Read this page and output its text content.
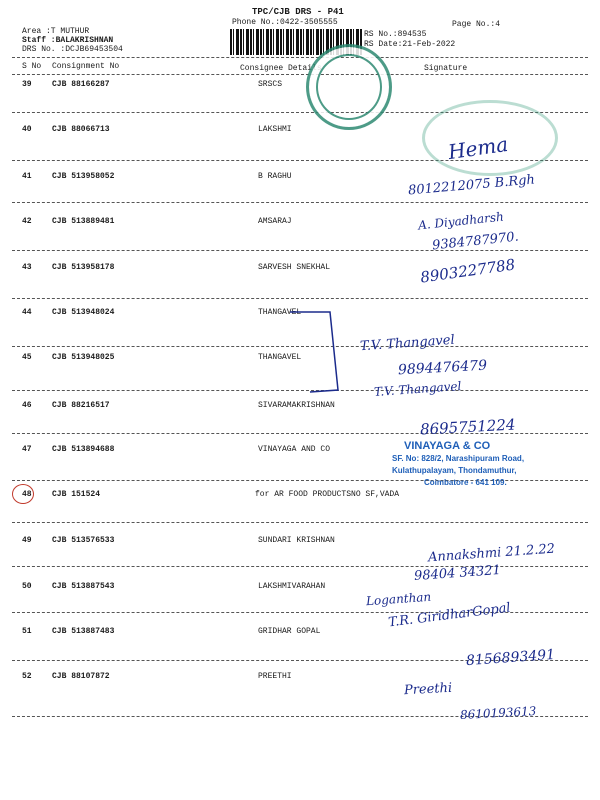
TPC/CJB DRS - P41
Phone No.:0422-3505555	Page No.:4
Area :T MUTHUR
Staff :BALAKRISHNAN
DRS No. :DCJB69453504
RS No.:894535
RS Date:21-Feb-2022
S No Consignment No	Consignee Details	Signature
39	CJB 88166287	SRSCS
40	CJB 88066713	LAKSHMI
41	CJB 513958052	B RAGHU
42	CJB 513889481	AMSARAJ
43	CJB 513958178	SARVESH SNEKHAL
44	CJB 513948024	THANGAVEL
45	CJB 513948025	THANGAVEL
46	CJB 88216517	SIVARAMAKRISHNAN
47	CJB 513894688	VINAYAGA AND CO
48	CJB 151524	for AR FOOD PRODUCTSNO SF,VADA
49	CJB 513576533	SUNDARI KRISHNAN
50	CJB 513887543	LAKSHMIVARAHAN
51	CJB 513887483	GRIDHAR GOPAL
52	CJB 88107872	PREETHI
VINAYAGA & CO
SF. No: 828/2, Narashipuram Road,
Kulathupalayam, Thondamuthur,
Coimbatore - 641 109.
Hema
8012212075 B.Rgh
A. Diyadharsh
9384787970.
8903227788
T.V. Thangavel
9894476479
T.V. Thangavel
8695751224
Annakshmi 21.2.22
98404 34321
Loganthan
T.R. GiridharGopal
8156893491
Preethi
8610193613
